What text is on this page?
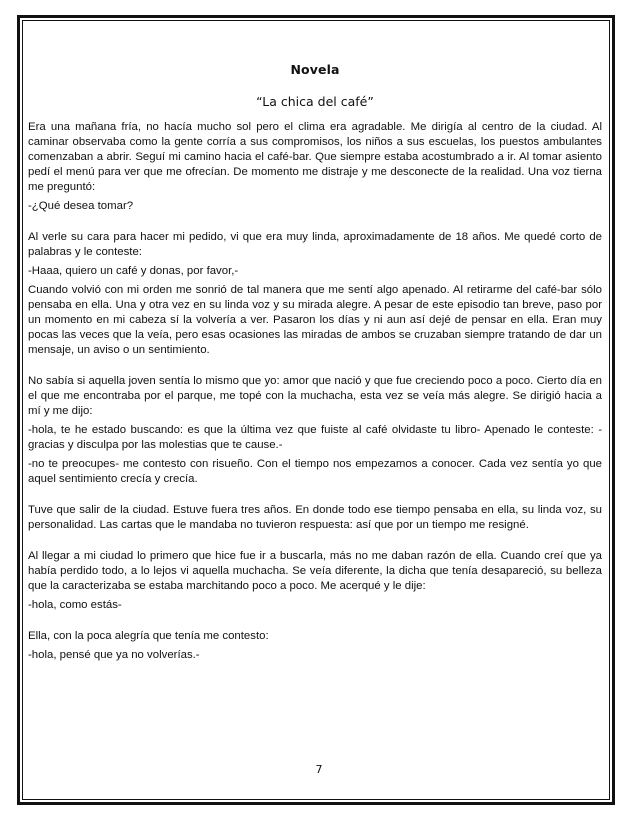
Novela
“La chica del café”

Era una mañana fría, no hacía mucho sol pero el clima era agradable. Me dirigía al centro de la ciudad. Al caminar observaba como la gente corría a sus compromisos, los niños a sus escuelas, los puestos ambulantes comenzaban a abrir. Seguí mi camino hacia el café-bar. Que siempre estaba acostumbrado a ir. Al tomar asiento pedí el menú para ver que me ofrecían. De momento me distraje y me desconecte de la realidad. Una voz tierna me preguntó:

-¿Qué desea tomar?

Al verle su cara para hacer mi pedido, vi que era muy linda, aproximadamente de 18 años. Me quedé corto de palabras y le conteste:

-Haaa, quiero un café y donas, por favor,-

Cuando volvió con mi orden me sonrió de tal manera que me sentí algo apenado. Al retirarme del café-bar sólo pensaba en ella. Una y otra vez en su linda voz y su mirada alegre. A pesar de este episodio tan breve, paso por un momento en mi cabeza sí la volvería a ver. Pasaron los días y ni aun así dejé de pensar en ella. Eran muy pocas las veces que la veía, pero esas ocasiones las miradas de ambos se cruzaban siempre tratando de dar un mensaje, un aviso o un sentimiento.

No sabía si aquella joven sentía lo mismo que yo: amor que nació y que fue creciendo poco a poco. Cierto día en el que me encontraba por el parque, me topé con la muchacha, esta vez se veía más alegre. Se dirigió hacia a mí y me dijo:

-hola, te he estado buscando: es que la última vez que fuiste al café olvidaste tu libro- Apenado le conteste: -gracias y disculpa por las molestias que te cause.-

-no te preocupes- me contesto con risueño. Con el tiempo nos empezamos a conocer. Cada vez sentía yo que aquel sentimiento crecía y crecía.

Tuve que salir de la ciudad. Estuve fuera tres años. En donde todo ese tiempo pensaba en ella, su linda voz, su personalidad. Las cartas que le mandaba no tuvieron respuesta: así que por un tiempo me resigné.

Al llegar a mi ciudad lo primero que hice fue ir a buscarla, más no me daban razón de ella. Cuando creí que ya había perdido todo, a lo lejos vi aquella muchacha. Se veía diferente, la dicha que tenía desapareció, su belleza que la caracterizaba se estaba marchitando poco a poco. Me acerqué y le dije:

-hola, como estás-

Ella, con la poca alegría que tenía me contesto:

-hola, pensé que ya no volverías.-

7
